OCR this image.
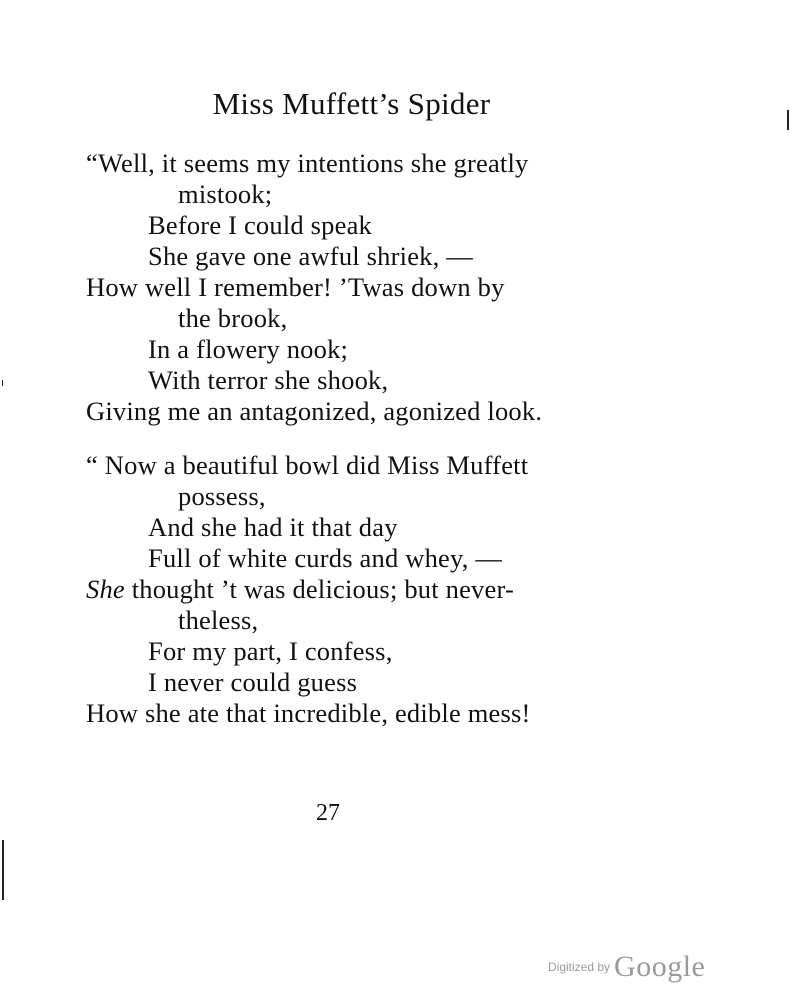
Miss Muffett’s Spider
“Well, it seems my intentions she greatly
mistook;
Before I could speak
She gave one awful shriek, —
How well I remember! ’Twas down by
the brook,
In a flowery nook;
With terror she shook,
Giving me an antagonized, agonized look.
“ Now a beautiful bowl did Miss Muffett
possess,
And she had it that day
Full of white curds and whey, —
She thought ’t was delicious; but never-
theless,
For my part, I confess,
I never could guess
How she ate that incredible, edible mess!
27
Digitized by Google
